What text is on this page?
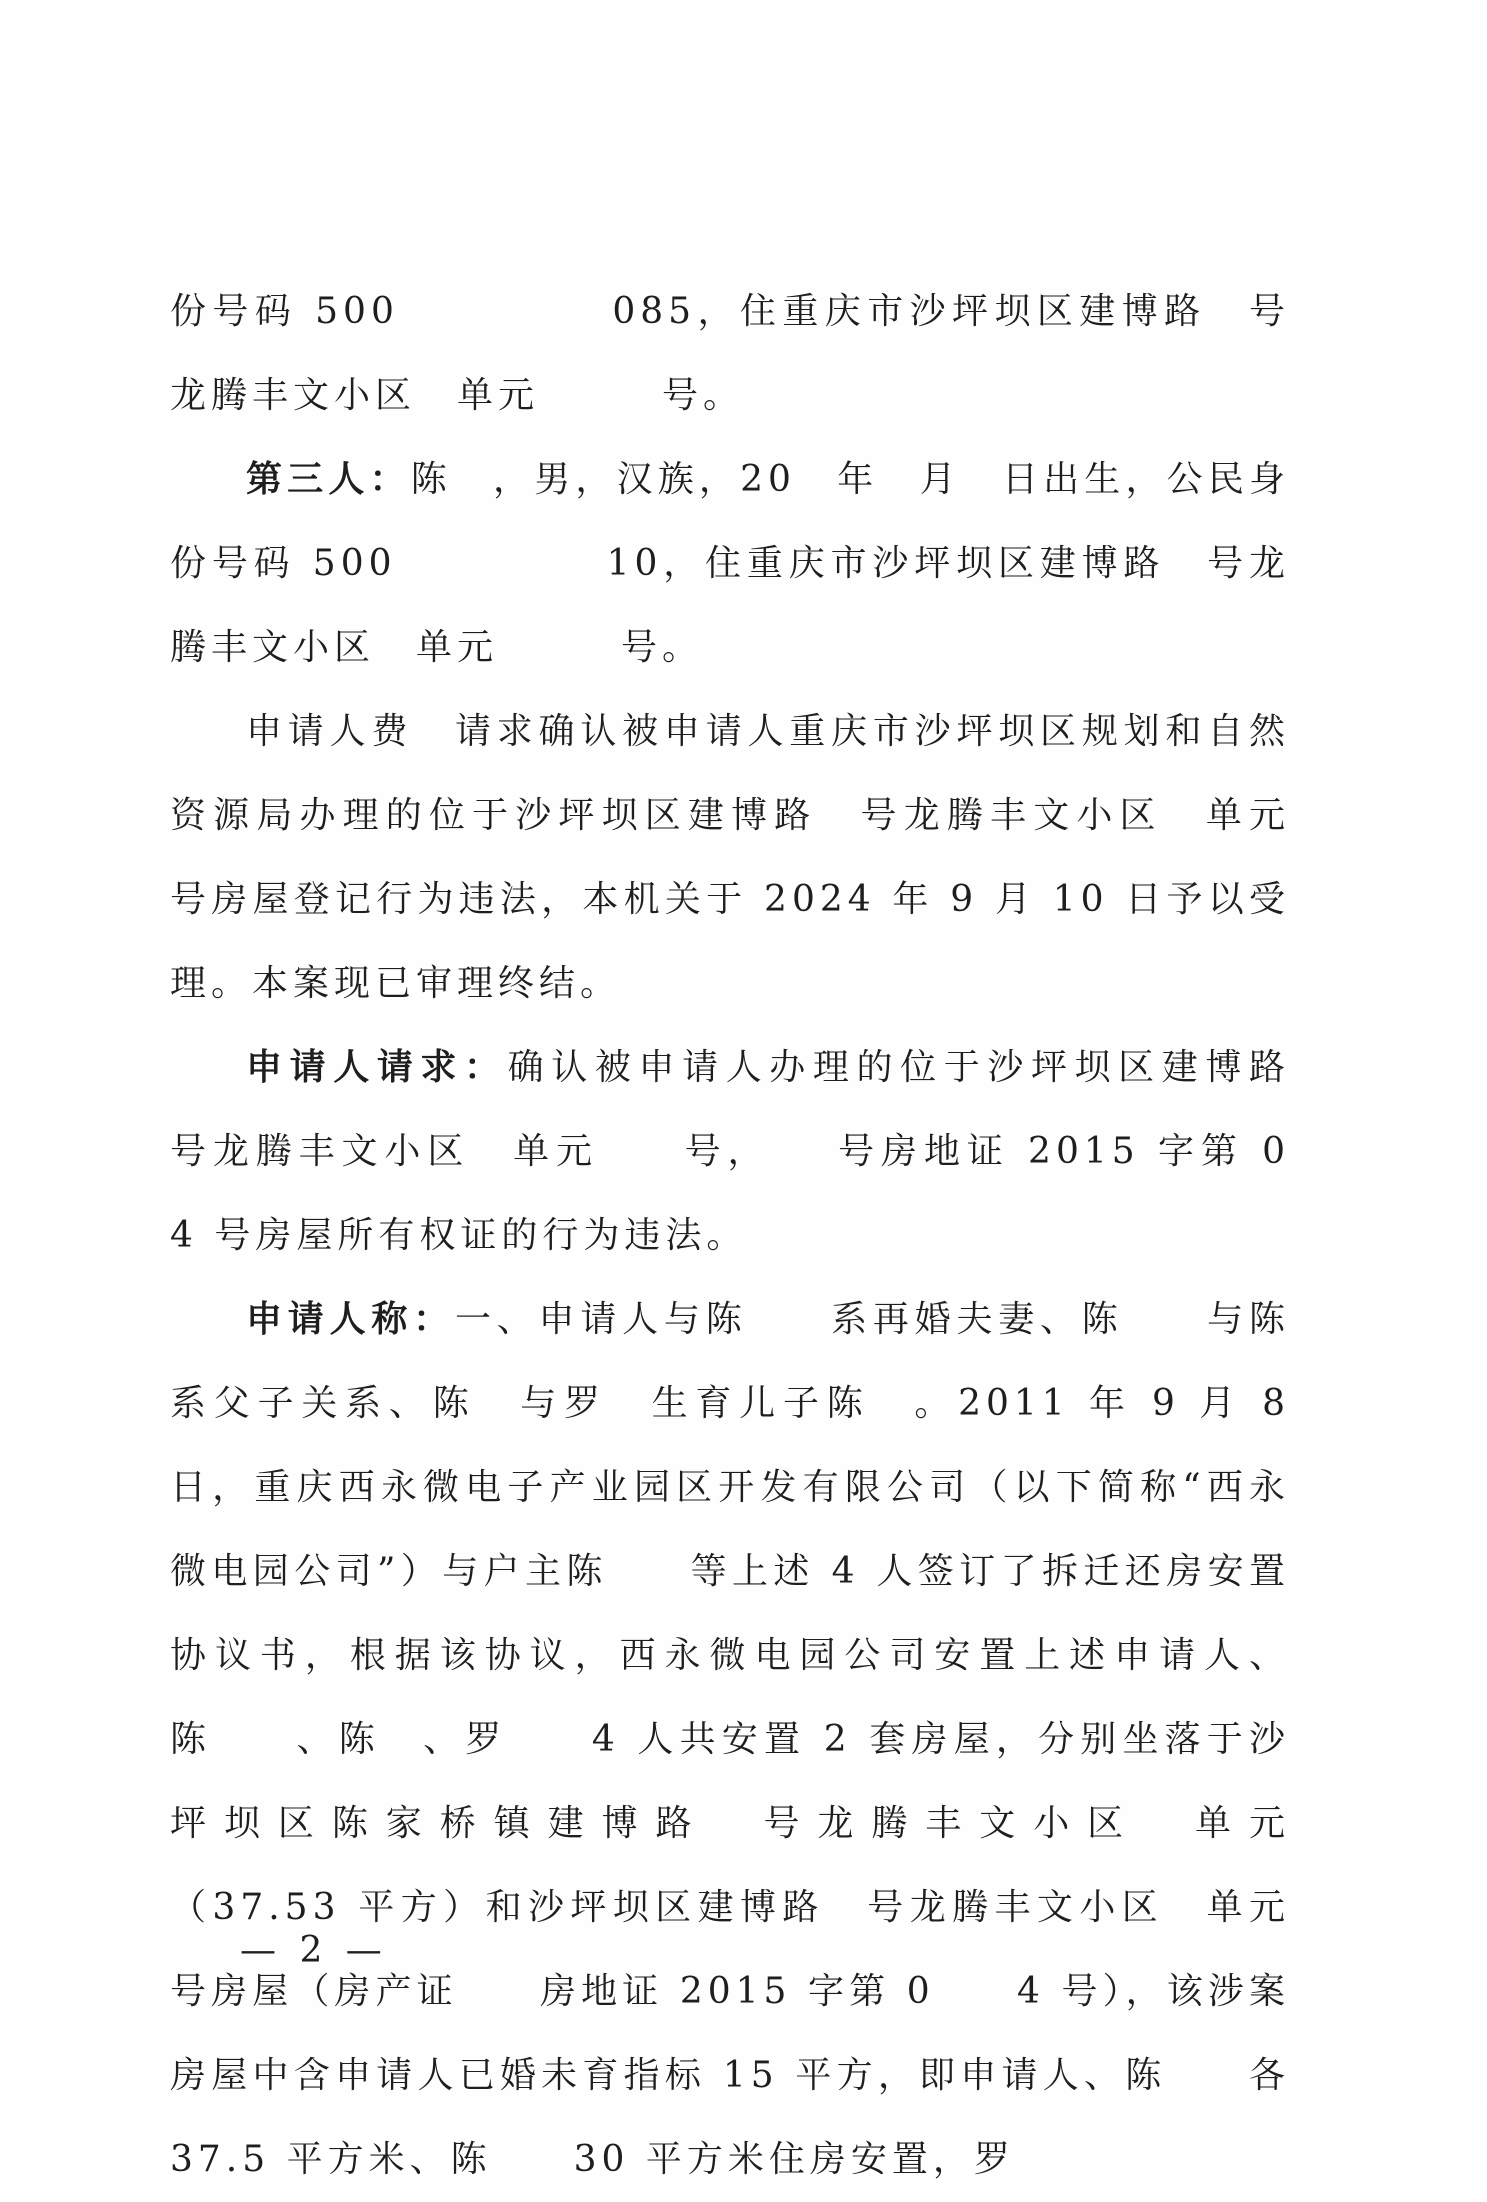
份号码 500　　　　　085，住重庆市沙坪坝区建博路　号龙腾丰文小区　单元　　　号。

第三人：陈　，男，汉族，20　年　月　日出生，公民身份号码 500　　　　　10，住重庆市沙坪坝区建博路　号龙腾丰文小区　单元　　　号。

申请人费　请求确认被申请人重庆市沙坪坝区规划和自然资源局办理的位于沙坪坝区建博路　号龙腾丰文小区　单元　　号房屋登记行为违法，本机关于 2024 年 9 月 10 日予以受理。本案现已审理终结。

申请人请求：确认被申请人办理的位于沙坪坝区建博路　号龙腾丰文小区　单元　　号，　　号房地证 2015 字第 0　　4 号房屋所有权证的行为违法。

申请人称：一、申请人与陈　　系再婚夫妻、陈　　与陈　系父子关系、陈　与罗　生育儿子陈　。2011 年 9 月 8 日，重庆西永微电子产业园区开发有限公司（以下简称“西永微电园公司”）与户主陈　　等上述 4 人签订了拆迁还房安置协议书，根据该协议，西永微电园公司安置上述申请人、陈　　、陈　、罗　　4 人共安置 2 套房屋，分别坐落于沙坪坝区陈家桥镇建博路　号龙腾丰文小区　单元　　　（37.53 平方）和沙坪坝区建博路　号龙腾丰文小区　单元　　号房屋（房产证　　房地证 2015 字第 0　　4 号），该涉案房屋中含申请人已婚未育指标 15 平方，即申请人、陈　　各 37.5 平方米、陈　　30 平方米住房安置，罗　　

— 2 —
